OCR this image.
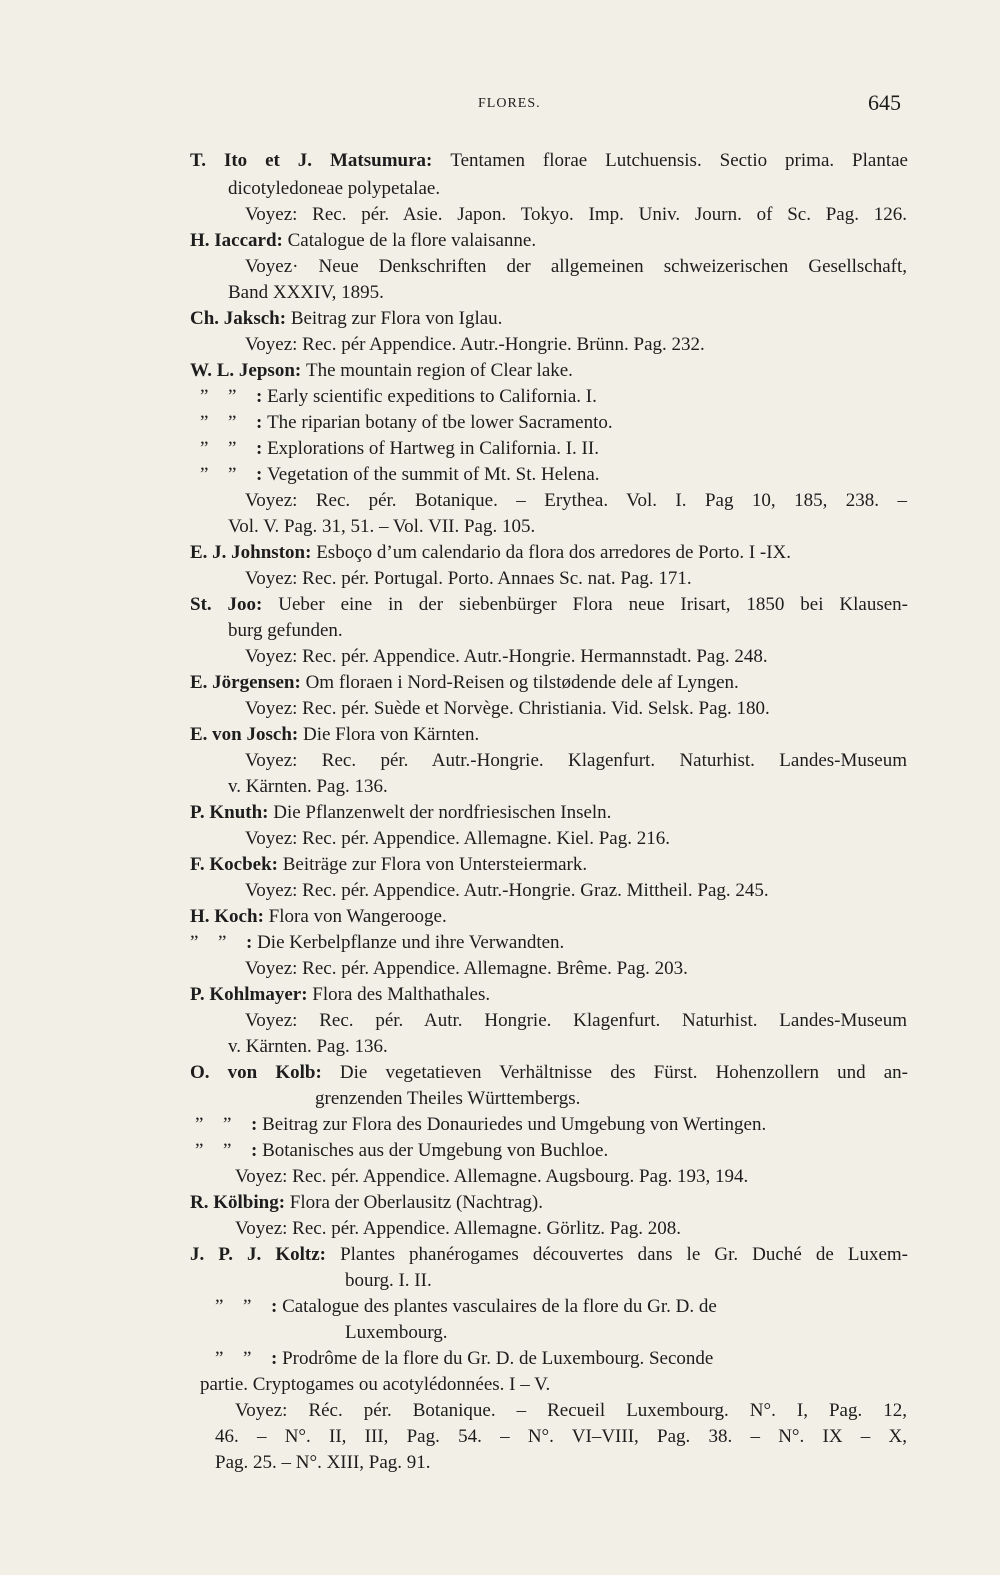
FLORES.	645
T. Ito et J. Matsumura: Tentamen florae Lutchuensis. Sectio prima. Plantae
dicotyledoneae polypetalae.
Voyez: Rec. pér. Asie. Japon. Tokyo. Imp. Univ. Journ. of Sc. Pag. 126.
H. Iaccard: Catalogue de la flore valaisanne.
Voyez· Neue Denkschriften der allgemeinen schweizerischen Gesellschaft,
Band XXXIV, 1895.
Ch. Jaksch: Beitrag zur Flora von Iglau.
Voyez: Rec. pér Appendice. Autr.-Hongrie. Brünn. Pag. 232.
W. L. Jepson: The mountain region of Clear lake.
” ” : Early scientific expeditions to California. I.
” ” : The riparian botany of tbe lower Sacramento.
” ” : Explorations of Hartweg in California. I. II.
” ” : Vegetation of the summit of Mt. St. Helena.
Voyez: Rec. pér. Botanique. – Erythea. Vol. I. Pag 10, 185, 238. –
Vol. V. Pag. 31, 51. – Vol. VII. Pag. 105.
E. J. Johnston: Esboço d’um calendario da flora dos arredores de Porto. I -IX.
Voyez: Rec. pér. Portugal. Porto. Annaes Sc. nat. Pag. 171.
St. Joo: Ueber eine in der siebenbürger Flora neue Irisart, 1850 bei Klausen-
burg gefunden.
Voyez: Rec. pér. Appendice. Autr.-Hongrie. Hermannstadt. Pag. 248.
E. Jörgensen: Om floraen i Nord-Reisen og tilstødende dele af Lyngen.
Voyez: Rec. pér. Suède et Norvège. Christiania. Vid. Selsk. Pag. 180.
E. von Josch: Die Flora von Kärnten.
Voyez: Rec. pér. Autr.-Hongrie. Klagenfurt. Naturhist. Landes-Museum
v. Kärnten. Pag. 136.
P. Knuth: Die Pflanzenwelt der nordfriesischen Inseln.
Voyez: Rec. pér. Appendice. Allemagne. Kiel. Pag. 216.
F. Kocbek: Beiträge zur Flora von Untersteiermark.
Voyez: Rec. pér. Appendice. Autr.-Hongrie. Graz. Mittheil. Pag. 245.
H. Koch: Flora von Wangerooge.
” ” : Die Kerbelpflanze und ihre Verwandten.
Voyez: Rec. pér. Appendice. Allemagne. Brême. Pag. 203.
P. Kohlmayer: Flora des Malthathales.
Voyez: Rec. pér. Autr. Hongrie. Klagenfurt. Naturhist. Landes-Museum
v. Kärnten. Pag. 136.
O. von Kolb: Die vegetatieven Verhältnisse des Fürst. Hohenzollern und an-
grenzenden Theiles Württembergs.
” ” : Beitrag zur Flora des Donauriedes und Umgebung von Wertingen.
” ” : Botanisches aus der Umgebung von Buchloe.
Voyez: Rec. pér. Appendice. Allemagne. Augsbourg. Pag. 193, 194.
R. Kölbing: Flora der Oberlausitz (Nachtrag).
Voyez: Rec. pér. Appendice. Allemagne. Görlitz. Pag. 208.
J. P. J. Koltz: Plantes phanérogames découvertes dans le Gr. Duché de Luxem-
bourg. I. II.
” ” : Catalogue des plantes vasculaires de la flore du Gr. D. de
Luxembourg.
” ” : Prodrôme de la flore du Gr. D. de Luxembourg. Seconde
partie. Cryptogames ou acotylédonnées. I – V.
Voyez: Réc. pér. Botanique. – Recueil Luxembourg. N°. I, Pag. 12,
46. – N°. II, III, Pag. 54. – N°. VI–VIII, Pag. 38. – N°. IX – X,
Pag. 25. – N°. XIII, Pag. 91.
